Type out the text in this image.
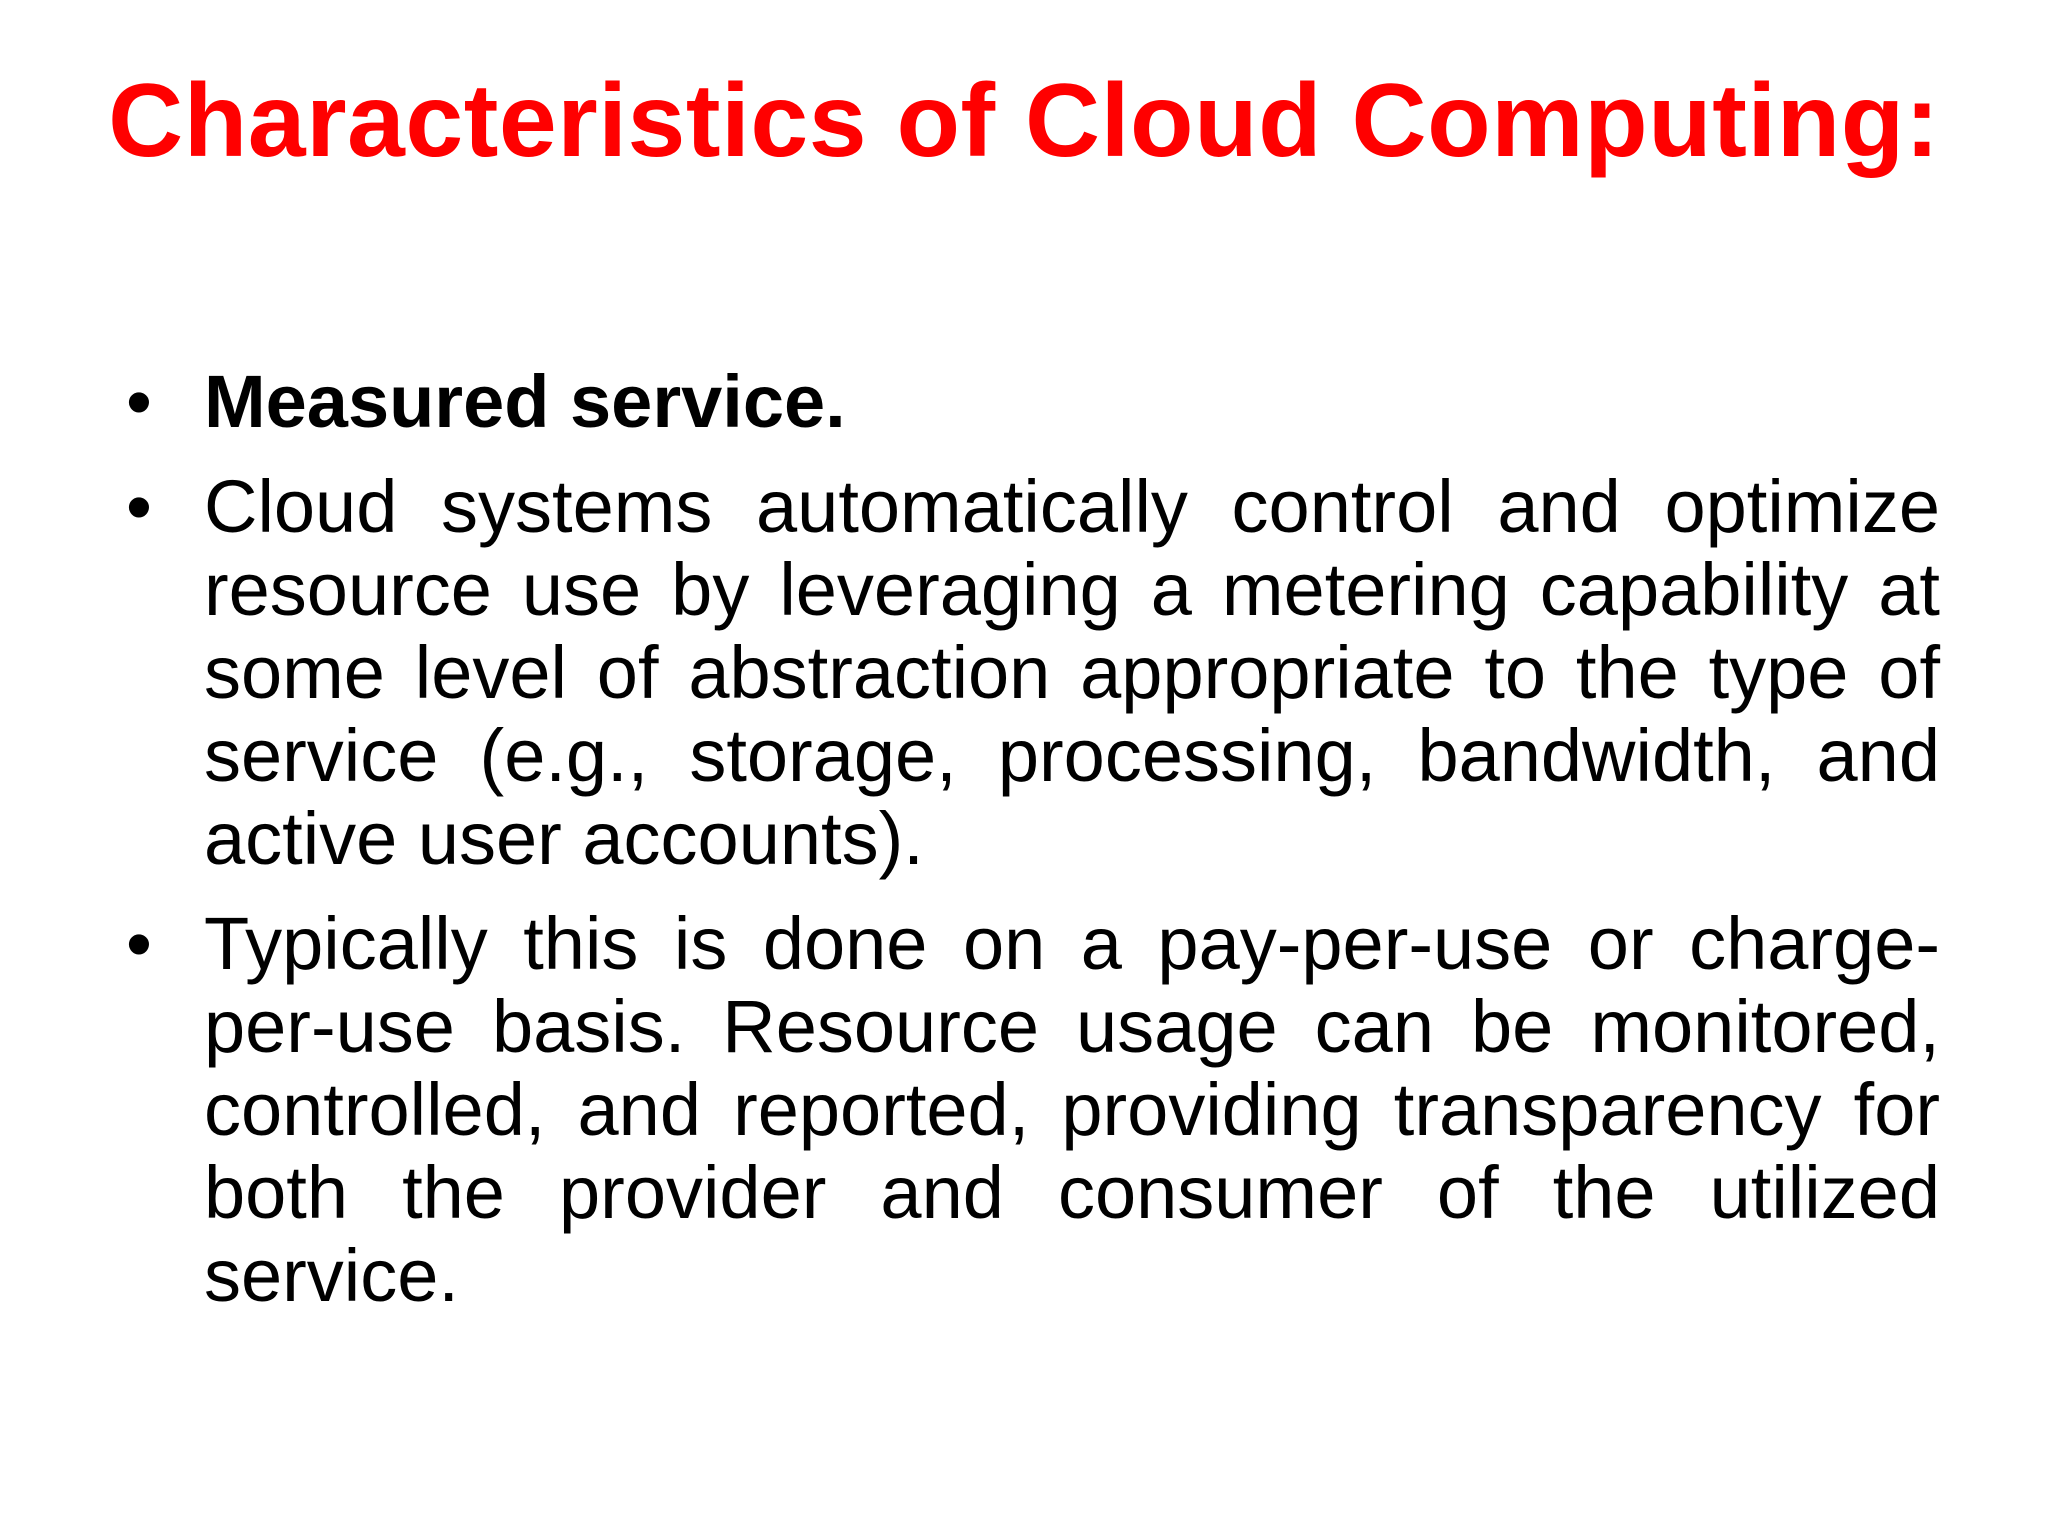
Characteristics of Cloud Computing:
• Measured service.
• Cloud systems automatically control and optimize resource use by leveraging a metering capability at some level of abstraction appropriate to the type of service (e.g., storage, processing, bandwidth, and active user accounts).
• Typically this is done on a pay-per-use or charge-per-use basis. Resource usage can be monitored, controlled, and reported, providing transparency for both the provider and consumer of the utilized service.
